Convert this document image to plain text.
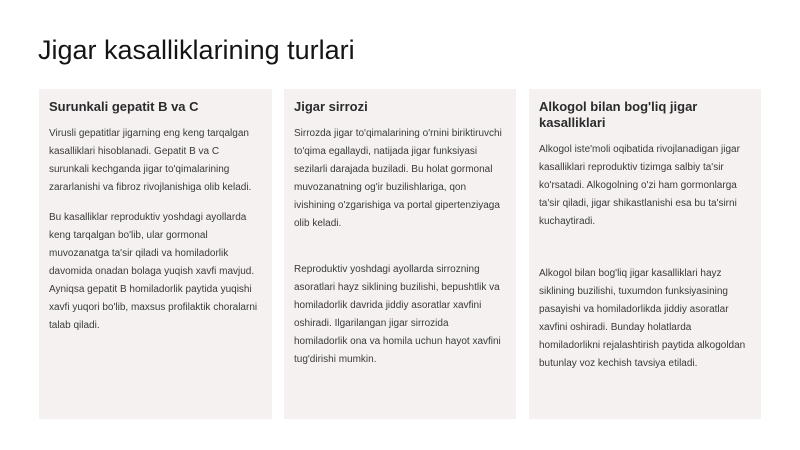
Jigar kasalliklarining turlari
Surunkali gepatit B va C

Virusli gepatitlar jigarning eng keng tarqalgan kasalliklari hisoblanadi. Gepatit B va C surunkali kechganda jigar to'qimalarining zararlanishi va fibroz rivojlanishiga olib keladi.

Bu kasalliklar reproduktiv yoshdagi ayollarda keng tarqalgan bo'lib, ular gormonal muvozanatga ta'sir qiladi va homiladorlik davomida onadan bolaga yuqish xavfi mavjud. Ayniqsa gepatit B homiladorlik paytida yuqishi xavfi yuqori bo'lib, maxsus profilaktik choralarni talab qiladi.

Jigar sirrozi

Sirrozda jigar to'qimalarining o'rnini biriktiruvchi to'qima egallaydi, natijada jigar funksiyasi sezilarli darajada buziladi. Bu holat gormonal muvozanatning og'ir buzilishlariga, qon ivishining o'zgarishiga va portal gipertenziyaga olib keladi.

Reproduktiv yoshdagi ayollarda sirrozning asoratlari hayz siklining buzilishi, bepushtlik va homiladorlik davrida jiddiy asoratlar xavfini oshiradi. Ilgarilangan jigar sirrozida homiladorlik ona va homila uchun hayot xavfini tug'dirishi mumkin.

Alkogol bilan bog'liq jigar kasalliklari

Alkogol iste'moli oqibatida rivojlanadigan jigar kasalliklari reproduktiv tizimga salbiy ta'sir ko'rsatadi. Alkogolning o'zi ham gormonlarga ta'sir qiladi, jigar shikastlanishi esa bu ta'sirni kuchaytiradi.

Alkogol bilan bog'liq jigar kasalliklari hayz siklining buzilishi, tuxumdon funksiyasining pasayishi va homiladorlikda jiddiy asoratlar xavfini oshiradi. Bunday holatlarda homiladorlikni rejalashtirish paytida alkogoldan butunlay voz kechish tavsiya etiladi.
